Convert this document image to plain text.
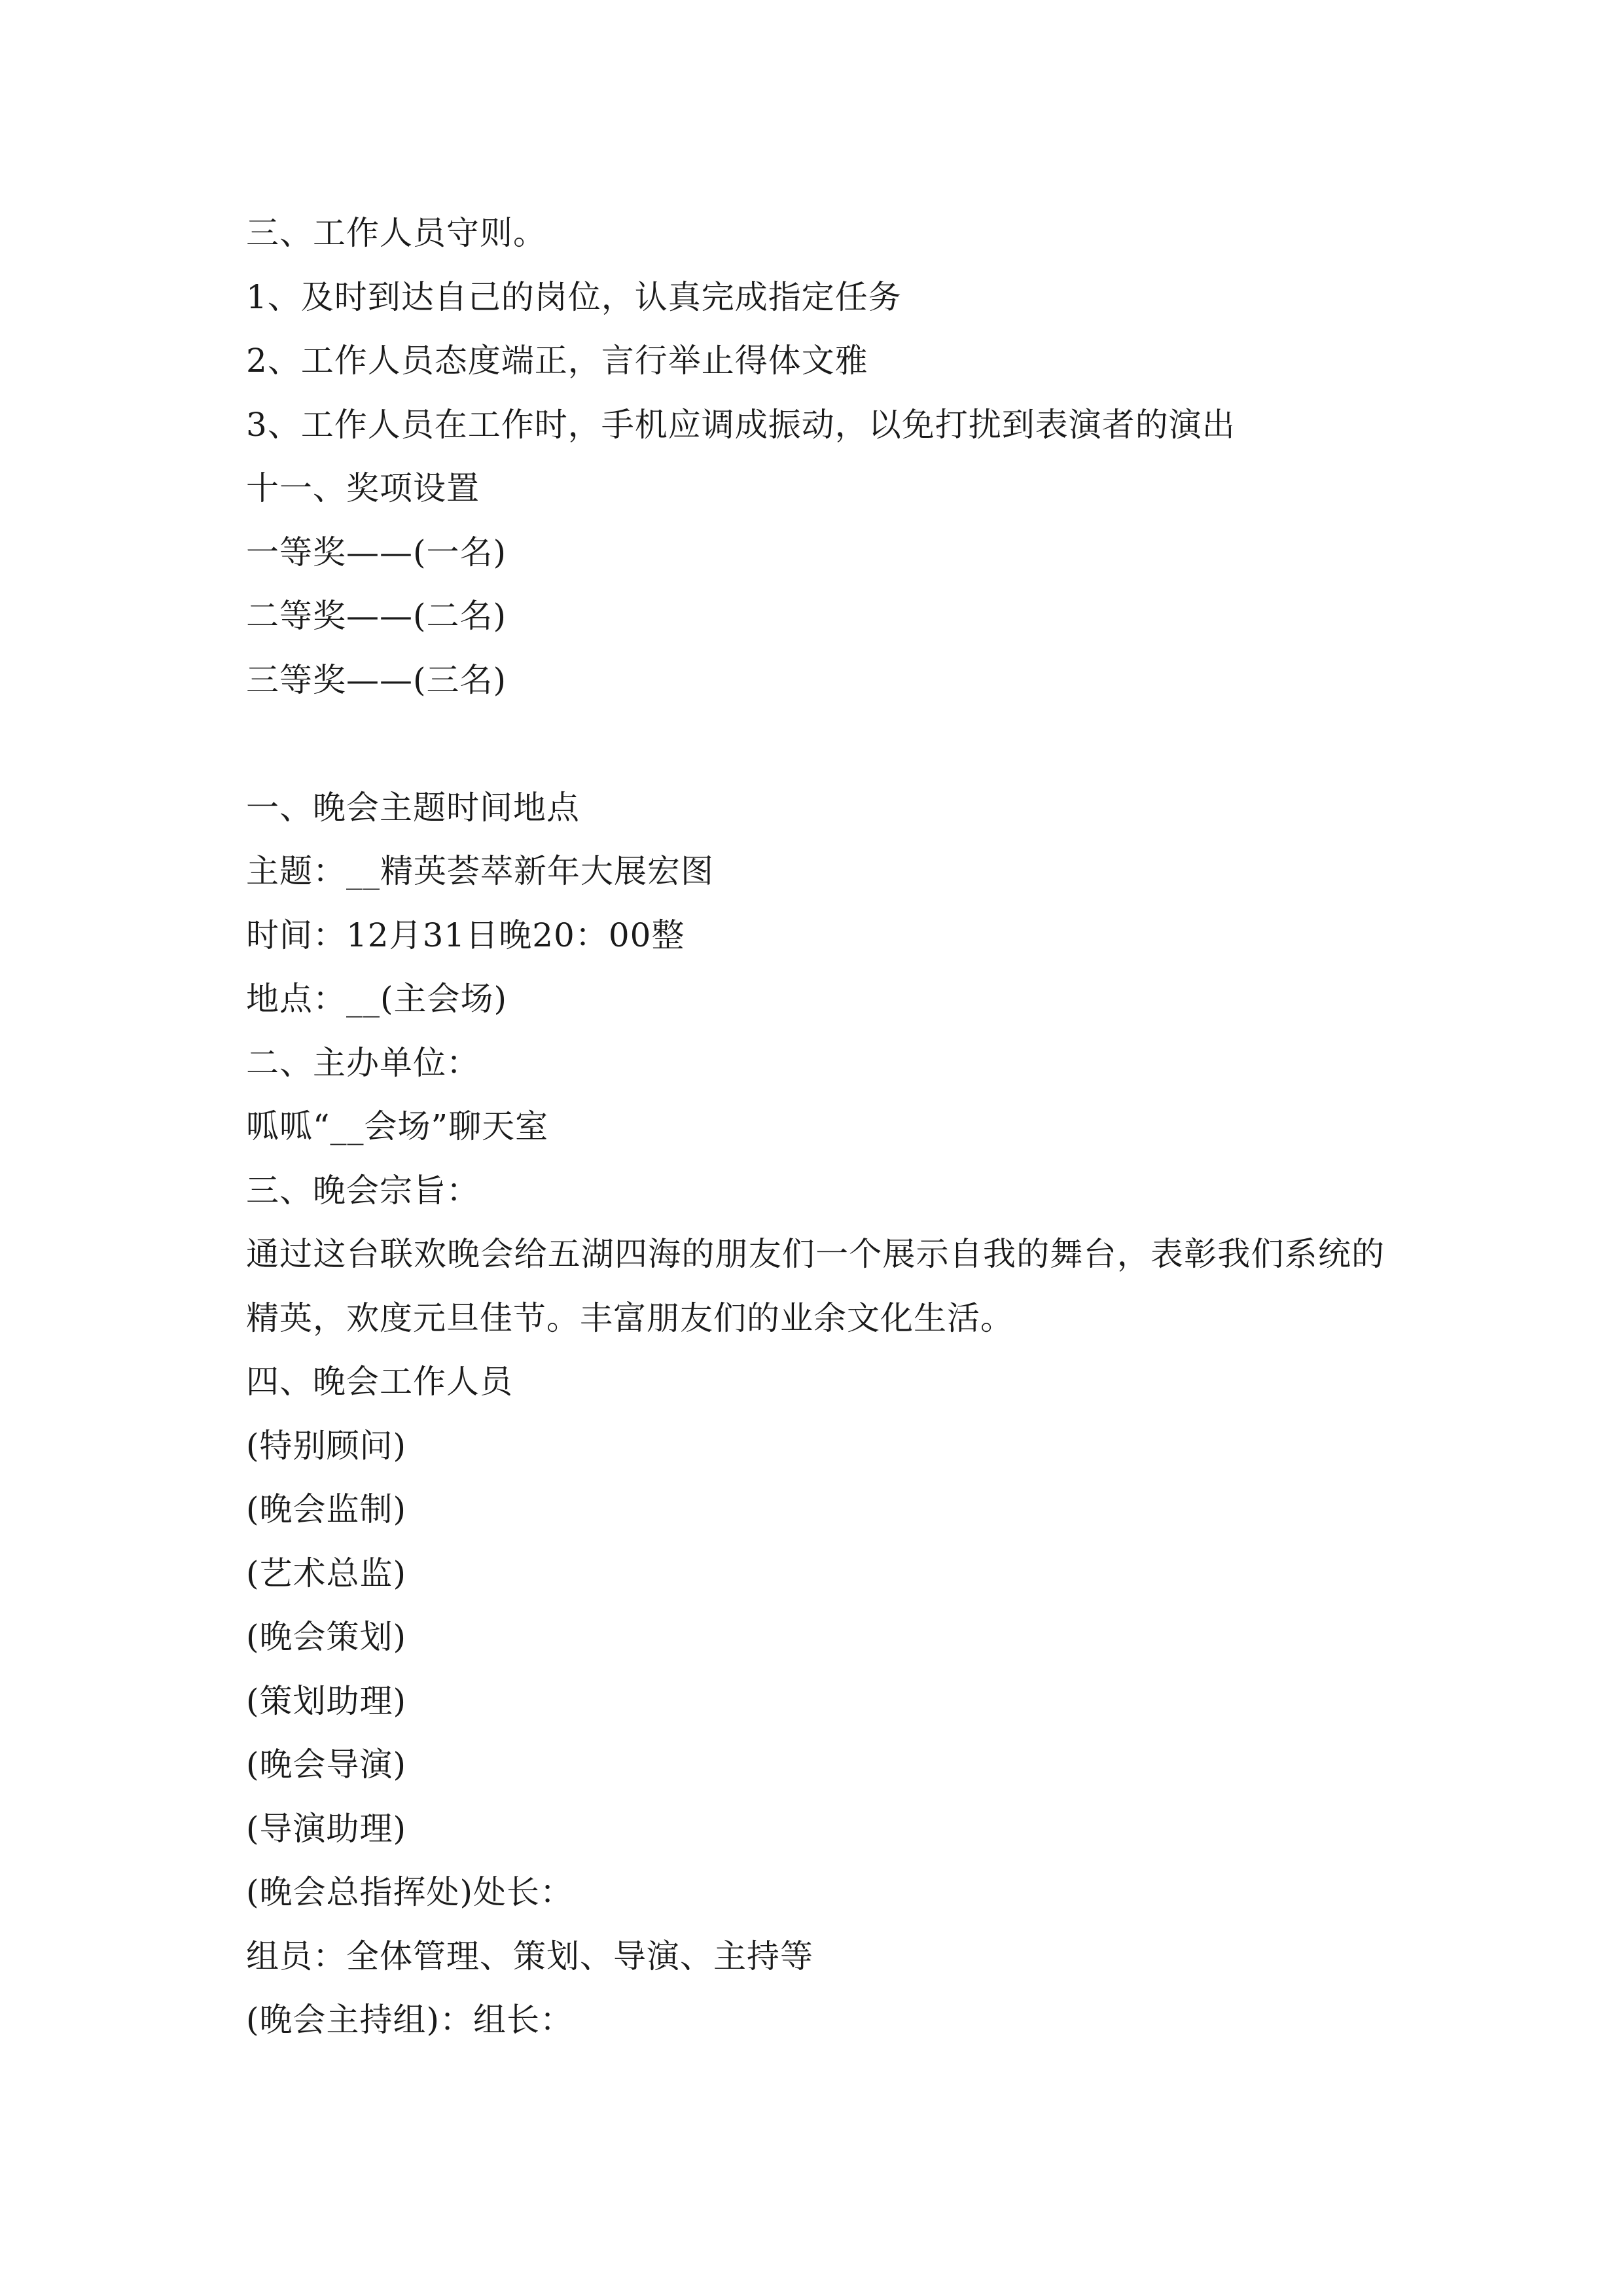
三、工作人员守则。
1、及时到达自己的岗位，认真完成指定任务
2、工作人员态度端正，言行举止得体文雅
3、工作人员在工作时，手机应调成振动，以免打扰到表演者的演出
十一、奖项设置
一等奖——(一名)
二等奖——(二名)
三等奖——(三名)
一、晚会主题时间地点
主题：__精英荟萃新年大展宏图
时间：12月31日晚20：00整
地点：__(主会场)
二、主办单位：
呱呱“__会场”聊天室
三、晚会宗旨：
通过这台联欢晚会给五湖四海的朋友们一个展示自我的舞台，表彰我们系统的精英，欢度元旦佳节。丰富朋友们的业余文化生活。
四、晚会工作人员
(特别顾问)
(晚会监制)
(艺术总监)
(晚会策划)
(策划助理)
(晚会导演)
(导演助理)
(晚会总指挥处)处长：
组员：全体管理、策划、导演、主持等
(晚会主持组)：组长：
